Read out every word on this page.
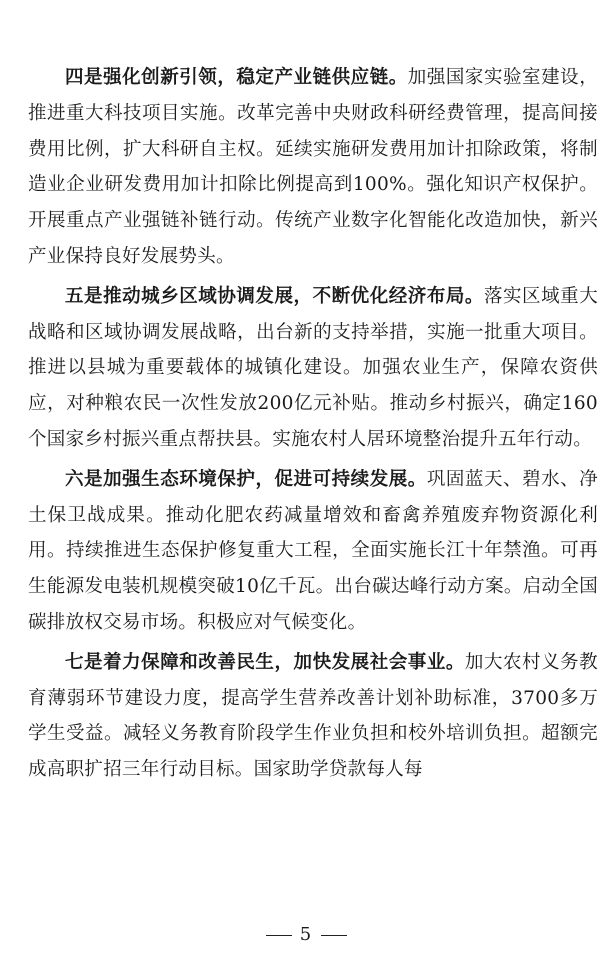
四是强化创新引领，稳定产业链供应链。加强国家实验室建设，推进重大科技项目实施。改革完善中央财政科研经费管理，提高间接费用比例，扩大科研自主权。延续实施研发费用加计扣除政策，将制造业企业研发费用加计扣除比例提高到100%。强化知识产权保护。开展重点产业强链补链行动。传统产业数字化智能化改造加快，新兴产业保持良好发展势头。

五是推动城乡区域协调发展，不断优化经济布局。落实区域重大战略和区域协调发展战略，出台新的支持举措，实施一批重大项目。推进以县城为重要载体的城镇化建设。加强农业生产，保障农资供应，对种粮农民一次性发放200亿元补贴。推动乡村振兴，确定160个国家乡村振兴重点帮扶县。实施农村人居环境整治提升五年行动。

六是加强生态环境保护，促进可持续发展。巩固蓝天、碧水、净土保卫战成果。推动化肥农药减量增效和畜禽养殖废弃物资源化利用。持续推进生态保护修复重大工程，全面实施长江十年禁渔。可再生能源发电装机规模突破10亿千瓦。出台碳达峰行动方案。启动全国碳排放权交易市场。积极应对气候变化。

七是着力保障和改善民生，加快发展社会事业。加大农村义务教育薄弱环节建设力度，提高学生营养改善计划补助标准，3700多万学生受益。减轻义务教育阶段学生作业负担和校外培训负担。超额完成高职扩招三年行动目标。国家助学贷款每人每

5
